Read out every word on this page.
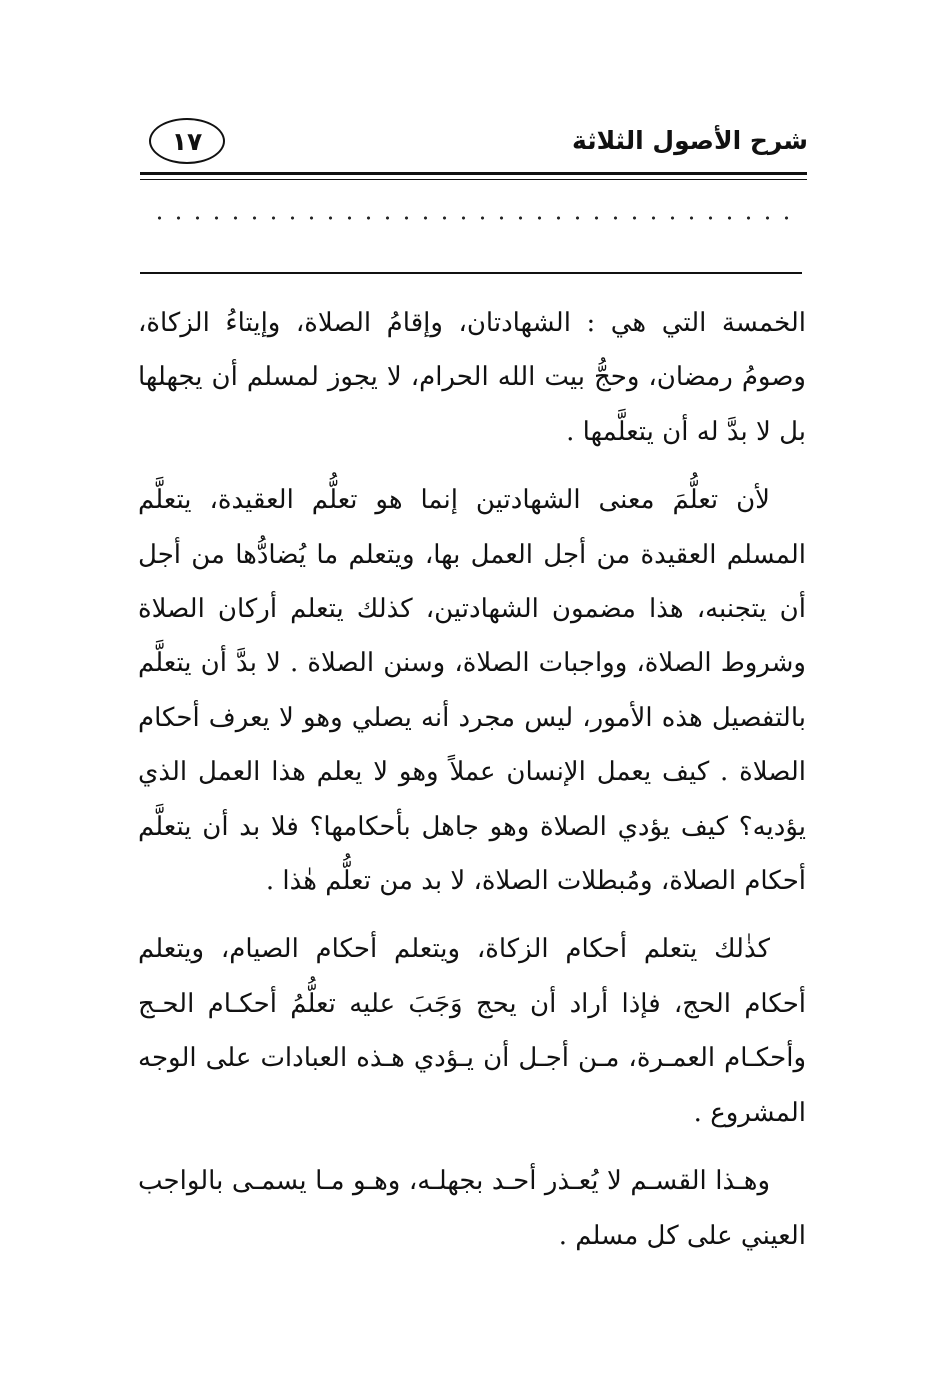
شرح الأصول الثلاثة
١٧

الخمسة التي هي : الشهادتان، وإقامُ الصلاة، وإيتاءُ الزكاة، وصومُ رمضان، وحجُّ بيت الله الحرام، لا يجوز لمسلم أن يجهلها بل لا بدَّ له أن يتعلَّمها .

لأن تعلُّمَ معنى الشهادتين إنما هو تعلُّم العقيدة، يتعلَّم المسلم العقيدة من أجل العمل بها، ويتعلم ما يُضادُّها من أجل أن يتجنبه، هذا مضمون الشهادتين، كذلك يتعلم أركان الصلاة وشروط الصلاة، وواجبات الصلاة، وسنن الصلاة . لا بدَّ أن يتعلَّم بالتفصيل هذه الأمور، ليس مجرد أنه يصلي وهو لا يعرف أحكام الصلاة . كيف يعمل الإنسان عملاً وهو لا يعلم هذا العمل الذي يؤديه؟ كيف يؤدي الصلاة وهو جاهل بأحكامها؟ فلا بد أن يتعلَّم أحكام الصلاة، ومُبطلات الصلاة، لا بد من تعلُّم هٰذا .

كذٰلك يتعلم أحكام الزكاة، ويتعلم أحكام الصيام، ويتعلم أحكام الحج، فإذا أراد أن يحج وَجَبَ عليه تعلُّمُ أحكـام الحـج وأحكـام العمـرة، مـن أجـل أن يـؤدي هـذه العبادات على الوجه المشروع .

وهـذا القسـم لا يُعـذر أحـد بجهلـه، وهـو مـا يسمـى بالواجب العيني على كل مسلم .
